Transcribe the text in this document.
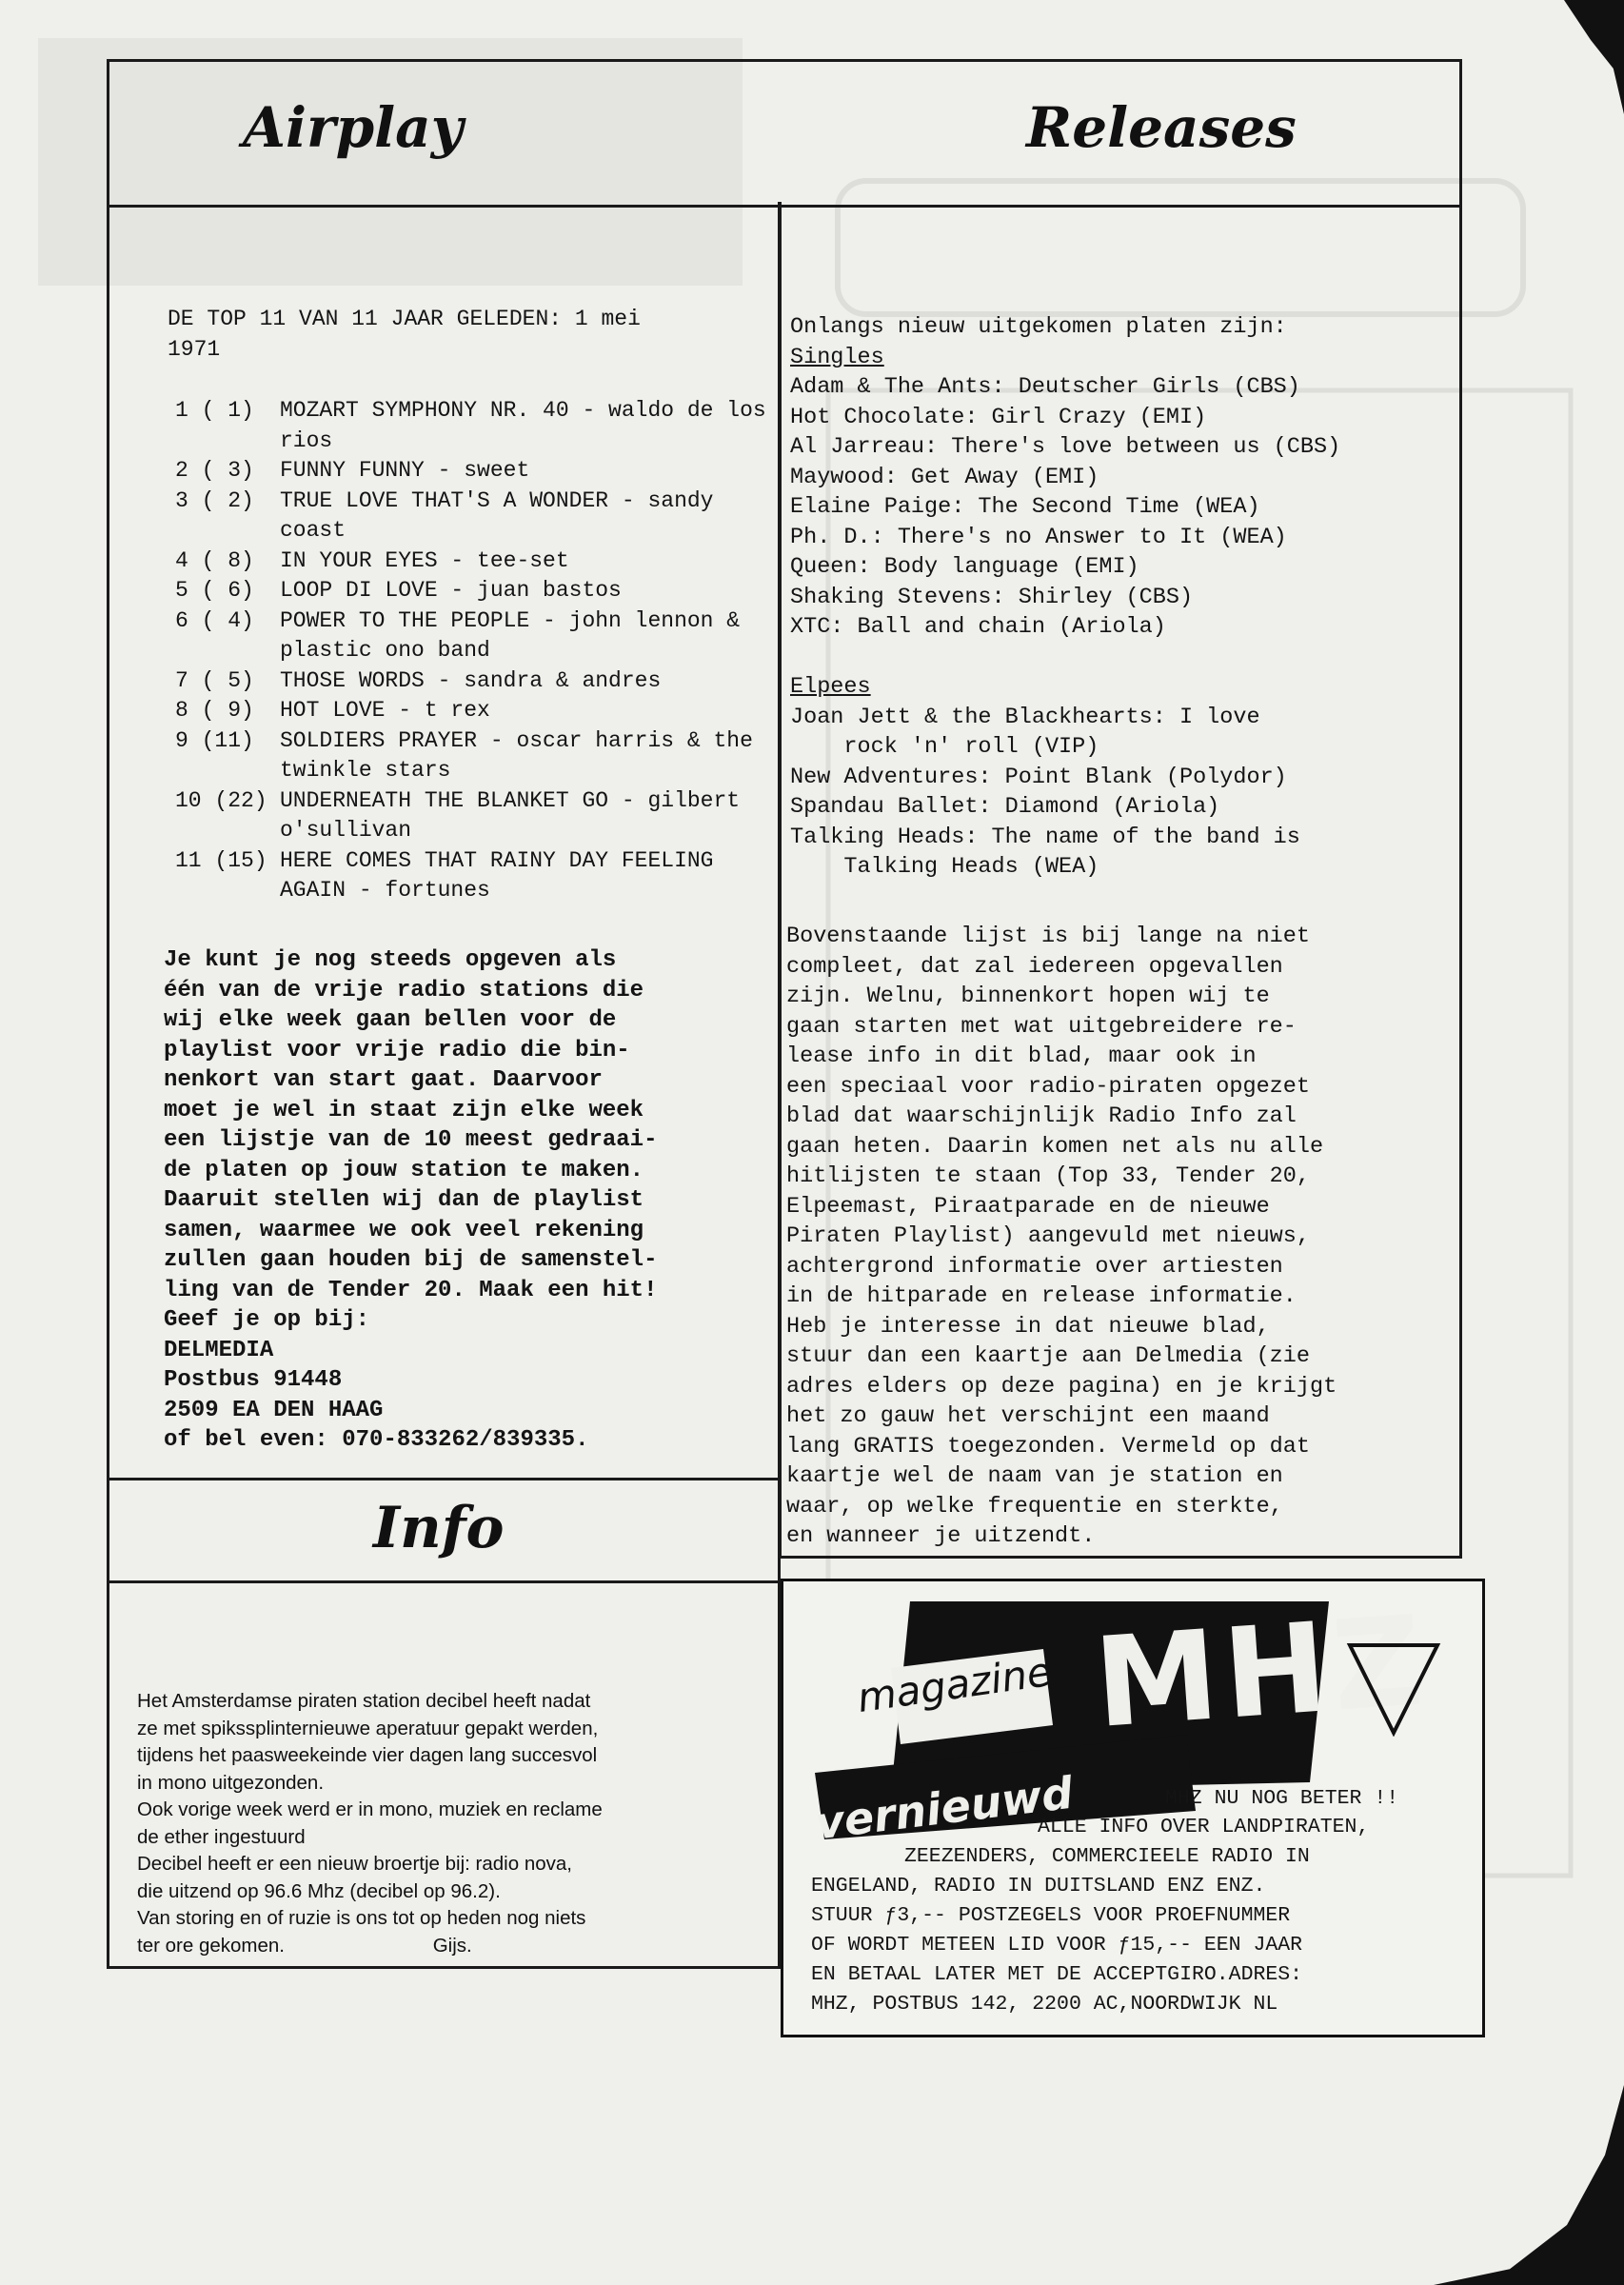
Airplay	Releases
DE TOP 11 VAN 11 JAAR GELEDEN: 1 mei
1971
1 ( 1)	MOZART SYMPHONY NR. 40 - waldo de los rios
2 ( 3)	FUNNY FUNNY - sweet
3 ( 2)	TRUE LOVE THAT'S A WONDER - sandy coast
4 ( 8)	IN YOUR EYES - tee-set
5 ( 6)	LOOP DI LOVE - juan bastos
6 ( 4)	POWER TO THE PEOPLE - john lennon & plastic ono band
7 ( 5)	THOSE WORDS - sandra & andres
8 ( 9)	HOT LOVE - t rex
9 (11)	SOLDIERS PRAYER - oscar harris & the twinkle stars
10 (22) UNDERNEATH THE BLANKET GO - gilbert o'sullivan
11 (15) HERE COMES THAT RAINY DAY FEELING AGAIN - fortunes
Je kunt je nog steeds opgeven als
één van de vrije radio stations die
wij elke week gaan bellen voor de
playlist voor vrije radio die bin-
nenkort van start gaat. Daarvoor
moet je wel in staat zijn elke week
een lijstje van de 10 meest gedraai-
de platen op jouw station te maken.
Daaruit stellen wij dan de playlist
samen, waarmee we ook veel rekening
zullen gaan houden bij de samenstel-
ling van de Tender 20. Maak een hit!
Geef je op bij:
DELMEDIA
Postbus 91448
2509 EA DEN HAAG
of bel even: 070-833262/839335.
Onlangs nieuw uitgekomen platen zijn:
Singles
Adam & The Ants: Deutscher Girls (CBS)
Hot Chocolate: Girl Crazy (EMI)
Al Jarreau: There's love between us (CBS)
Maywood: Get Away (EMI)
Elaine Paige: The Second Time (WEA)
Ph. D.: There's no Answer to It (WEA)
Queen: Body language (EMI)
Shaking Stevens: Shirley (CBS)
XTC: Ball and chain (Ariola)
Elpees
Joan Jett & the Blackhearts: I love
rock 'n' roll (VIP)
New Adventures: Point Blank (Polydor)
Spandau Ballet: Diamond (Ariola)
Talking Heads: The name of the band is
Talking Heads (WEA)
Bovenstaande lijst is bij lange na niet
compleet, dat zal iedereen opgevallen
zijn. Welnu, binnenkort hopen wij te
gaan starten met wat uitgebreidere re-
lease info in dit blad, maar ook in
een speciaal voor radio-piraten opgezet
blad dat waarschijnlijk Radio Info zal
gaan heten. Daarin komen net als nu alle
hitlijsten te staan (Top 33, Tender 20,
Elpeemast, Piraatparade en de nieuwe
Piraten Playlist) aangevuld met nieuws,
achtergrond informatie over artiesten
in de hitparade en release informatie.
Heb je interesse in dat nieuwe blad,
stuur dan een kaartje aan Delmedia (zie
adres elders op deze pagina) en je krijgt
het zo gauw het verschijnt een maand
lang GRATIS toegezonden. Vermeld op dat
kaartje wel de naam van je station en
waar, op welke frequentie en sterkte,
en wanneer je uitzendt.
Info
Het Amsterdamse piraten station decibel heeft nadat
ze met spikssplinternieuwe aperatuur gepakt werden,
tijdens het paasweekeinde vier dagen lang succesvol
in mono uitgezonden.
Ook vorige week werd er in mono, muziek en reclame
de ether ingestuurd
Decibel heeft er een nieuw broertje bij: radio nova,
die uitzend op 96.6 Mhz (decibel op 96.2).
Van storing en of ruzie is ons tot op heden nog niets
ter ore gekomen.	Gijs.
magazine MHZ
vernieuwd	MHZ NU NOG BETER !!
ALLE INFO OVER LANDPIRATEN,
ZEEZENDERS, COMMERCIEELE RADIO IN
ENGELAND, RADIO IN DUITSLAND ENZ ENZ.
STUUR ƒ3,-- POSTZEGELS VOOR PROEFNUMMER
OF WORDT METEEN LID VOOR ƒ15,-- EEN JAAR
EN BETAAL LATER MET DE ACCEPTGIRO.ADRES:
MHZ, POSTBUS 142, 2200 AC,NOORDWIJK NL
